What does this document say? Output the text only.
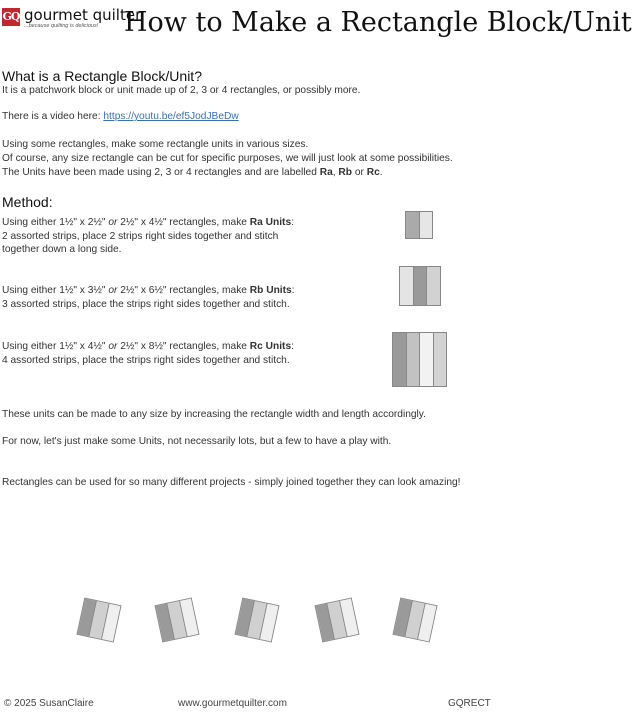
GQ gourmet quilter
...because quilting is delicious! How to Make a Rectangle Block/Unit
What is a Rectangle Block/Unit?
It is a patchwork block or unit made up of 2, 3 or 4 rectangles, or possibly more.
There is a video here: https://youtu.be/ef5JodJBeDw
Using some rectangles, make some rectangle units in various sizes.
Of course, any size rectangle can be cut for specific purposes, we will just look at some possibilities.
The Units have been made using 2, 3 or 4 rectangles and are labelled Ra, Rb or Rc.
Method:
Using either 1½" x 2½" or 2½" x 4½" rectangles, make Ra Units:
2 assorted strips, place 2 strips right sides together and stitch
together down a long side.
Using either 1½" x 3½" or 2½" x 6½" rectangles, make Rb Units:
3 assorted strips, place the strips right sides together and stitch.
Using either 1½" x 4½" or 2½" x 8½" rectangles, make Rc Units:
4 assorted strips, place the strips right sides together and stitch.
These units can be made to any size by increasing the rectangle width and length accordingly.
For now, let's just make some Units, not necessarily lots, but a few to have a play with.
Rectangles can be used for so many different projects - simply joined together they can look amazing!
© 2025 SusanClaire	www.gourmetquilter.com	GQRECT
